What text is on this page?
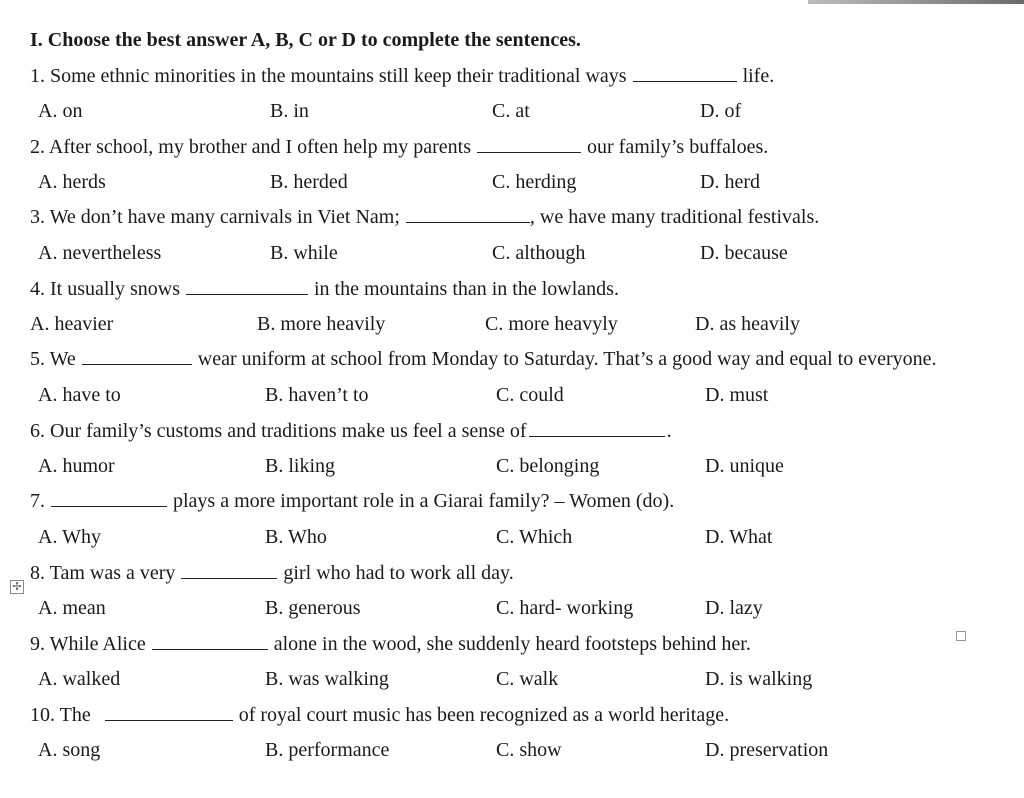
I. Choose the best answer A, B, C or D to complete the sentences.
1. Some ethnic minorities in the mountains still keep their traditional ways	life.
A. on	B. in	C. at	D. of
2. After school, my brother and I often help my parents	our family’s buffaloes.
A. herds	B. herded	C. herding	D. herd
3. We don’t have many carnivals in Viet Nam;	, we have many traditional festivals.
A. nevertheless	B. while	C. although	D. because
4. It usually snows	in the mountains than in the lowlands.
A. heavier	B. more heavily	C. more heavyly	D. as heavily
5. We	wear uniform at school from Monday to Saturday. That’s a good way and equal to everyone.
A. have to	B. haven’t to	C. could	D. must
6. Our family’s customs and traditions make us feel a sense of	.
A. humor	B. liking	C. belonging	D. unique
7.	plays a more important role in a Giarai family? – Women (do).
A. Why	B. Who	C. Which	D. What
✢
8. Tam was a very	girl who had to work all day.
A. mean	B. generous	C. hard- working	D. lazy
9. While Alice	alone in the wood, she suddenly heard footsteps behind her.
A. walked	B. was walking	C. walk	D. is walking
10. The	of royal court music has been recognized as a world heritage.
A. song	B. performance	C. show	D. preservation
